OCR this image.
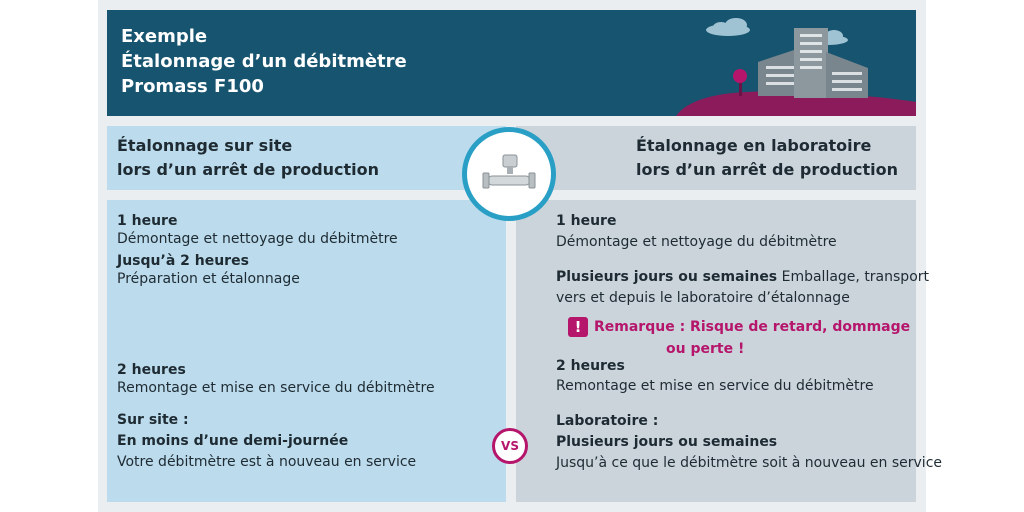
Exemple
Étalonnage d’un débitmètre
Promass F100
Étalonnage sur site
lors d’un arrêt de production
Étalonnage en laboratoire
lors d’un arrêt de production
1 heure
Démontage et nettoyage du débitmètre
Jusqu’à 2 heures
Préparation et étalonnage
2 heures
Remontage et mise en service du débitmètre
Sur site :
En moins d’une demi-journée
Votre débitmètre est à nouveau en service
1 heure
Démontage et nettoyage du débitmètre
Plusieurs jours ou semaines Emballage, transport
vers et depuis le laboratoire d’étalonnage
! Remarque : Risque de retard, dommage
ou perte !
2 heures
Remontage et mise en service du débitmètre
Laboratoire :
Plusieurs jours ou semaines
Jusqu’à ce que le débitmètre soit à nouveau en service
VS
